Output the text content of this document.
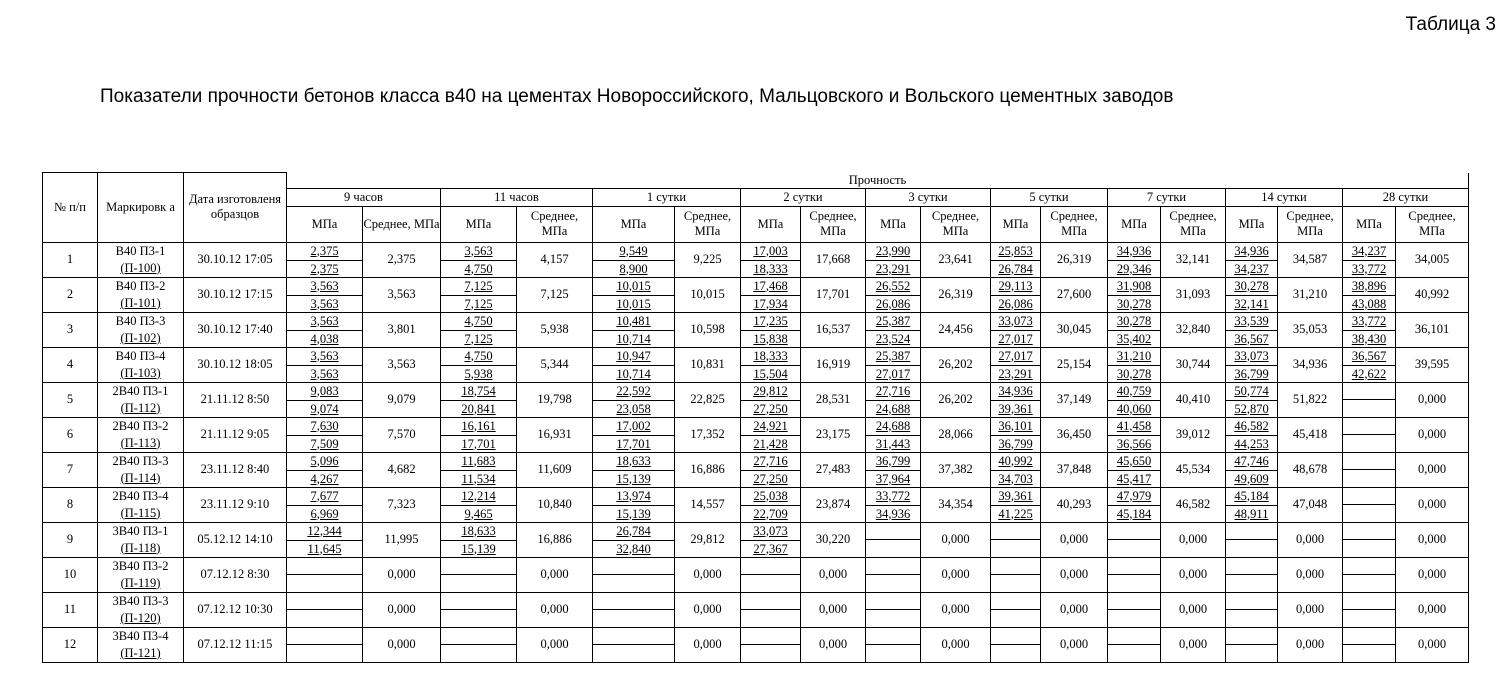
Таблица 3
Показатели прочности бетонов класса в40 на цементах Новороссийского, Мальцовского и Вольского цементных заводов
№ п/п	Маркировк а	Дата изготовленя образцов	Прочность
9 часов	11 часов	1 сутки	2 сутки	3 сутки	5 сутки	7 сутки	14 сутки	28 сутки
МПа	Среднее, МПа	МПа	Среднее, МПа	МПа	Среднее, МПа	МПа	Среднее, МПа	МПа	Среднее, МПа	МПа	Среднее, МПа	МПа	Среднее, МПа	МПа	Среднее, МПа	МПа	Среднее, МПа
1	
В40 П3-1
(П-100)
	30.10.12 17:05	
2,375
2,375
	2,375	
3,563
4,750
	4,157	
9,549
8,900
	9,225	
17,003
18,333
	17,668	
23,990
23,291
	23,641	
25,853
26,784
	26,319	
34,936
29,346
	32,141	
34,936
34,237
	34,587	
34,237
33,772
	34,005
2	
В40 П3-2
(П-101)
	30.10.12 17:15	
3,563
3,563
	3,563	
7,125
7,125
	7,125	
10,015
10,015
	10,015	
17,468
17,934
	17,701	
26,552
26,086
	26,319	
29,113
26,086
	27,600	
31,908
30,278
	31,093	
30,278
32,141
	31,210	
38,896
43,088
	40,992
3	
В40 П3-3
(П-102)
	30.10.12 17:40	
3,563
4,038
	3,801	
4,750
7,125
	5,938	
10,481
10,714
	10,598	
17,235
15,838
	16,537	
25,387
23,524
	24,456	
33,073
27,017
	30,045	
30,278
35,402
	32,840	
33,539
36,567
	35,053	
33,772
38,430
	36,101
4	
В40 П3-4
(П-103)
	30.10.12 18:05	
3,563
3,563
	3,563	
4,750
5,938
	5,344	
10,947
10,714
	10,831	
18,333
15,504
	16,919	
25,387
27,017
	26,202	
27,017
23,291
	25,154	
31,210
30,278
	30,744	
33,073
36,799
	34,936	
36,567
42,622
	39,595
5	
2В40 П3-1
(П-112)
	21.11.12 8:50	
9,083
9,074
	9,079	
18,754
20,841
	19,798	
22,592
23,058
	22,825	
29,812
27,250
	28,531	
27,716
24,688
	26,202	
34,936
39,361
	37,149	
40,759
40,060
	40,410	
50,774
52,870
	51,822		0,000
6	
2В40 П3-2
(П-113)
	21.11.12 9:05	
7,630
7,509
	7,570	
16,161
17,701
	16,931	
17,002
17,701
	17,352	
24,921
21,428
	23,175	
24,688
31,443
	28,066	
36,101
36,799
	36,450	
41,458
36,566
	39,012	
46,582
44,253
	45,418		0,000
7	
2В40 П3-3
(П-114)
	23.11.12 8:40	
5,096
4,267
	4,682	
11,683
11,534
	11,609	
18,633
15,139
	16,886	
27,716
27,250
	27,483	
36,799
37,964
	37,382	
40,992
34,703
	37,848	
45,650
45,417
	45,534	
47,746
49,609
	48,678		0,000
8	
2В40 П3-4
(П-115)
	23.11.12 9:10	
7,677
6,969
	7,323	
12,214
9,465
	10,840	
13,974
15,139
	14,557	
25,038
22,709
	23,874	
33,772
34,936
	34,354	
39,361
41,225
	40,293	
47,979
45,184
	46,582	
45,184
48,911
	47,048		0,000
9	
3В40 П3-1
(П-118)
	05.12.12 14:10	
12,344
11,645
	11,995	
18,633
15,139
	16,886	
26,784
32,840
	29,812	
33,073
27,367
	30,220		0,000		0,000		0,000		0,000		0,000
10	
3В40 П3-2
(П-119)
	07.12.12 8:30		0,000		0,000		0,000		0,000		0,000		0,000		0,000		0,000		0,000
11	
3В40 П3-3
(П-120)
	07.12.12 10:30		0,000		0,000		0,000		0,000		0,000		0,000		0,000		0,000		0,000
12	
3В40 П3-4
(П-121)
	07.12.12 11:15		0,000		0,000		0,000		0,000		0,000		0,000		0,000		0,000		0,000
